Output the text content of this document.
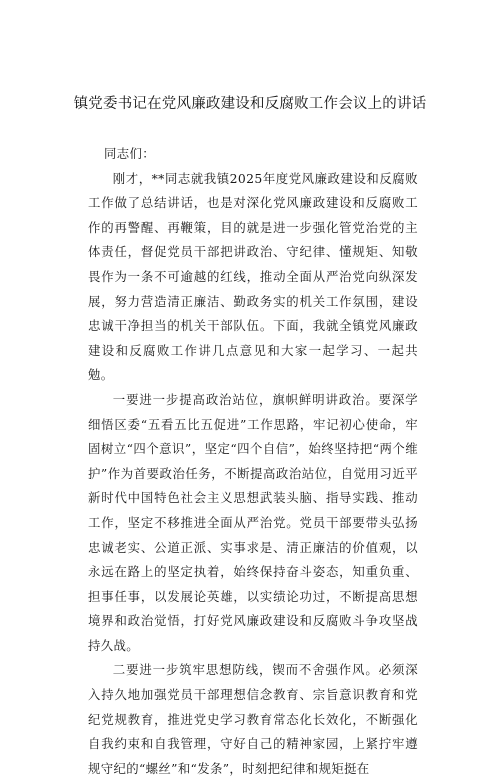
镇党委书记在党风廉政建设和反腐败工作会议上的讲话

同志们：

刚才，**同志就我镇2025年度党风廉政建设和反腐败工作做了总结讲话，也是对深化党风廉政建设和反腐败工作的再警醒、再鞭策，目的就是进一步强化管党治党的主体责任，督促党员干部把讲政治、守纪律、懂规矩、知敬畏作为一条不可逾越的红线，推动全面从严治党向纵深发展，努力营造清正廉洁、勤政务实的机关工作氛围，建设忠诚干净担当的机关干部队伍。下面，我就全镇党风廉政建设和反腐败工作讲几点意见和大家一起学习、一起共勉。

一要进一步提高政治站位，旗帜鲜明讲政治。要深学细悟区委“五看五比五促进”工作思路，牢记初心使命，牢固树立“四个意识”，坚定“四个自信”，始终坚持把“两个维护”作为首要政治任务，不断提高政治站位，自觉用习近平新时代中国特色社会主义思想武装头脑、指导实践、推动工作，坚定不移推进全面从严治党。党员干部要带头弘扬忠诚老实、公道正派、实事求是、清正廉洁的价值观，以永远在路上的坚定执着，始终保持奋斗姿态，知重负重、担事任事，以发展论英雄，以实绩论功过，不断提高思想境界和政治觉悟，打好党风廉政建设和反腐败斗争攻坚战持久战。

二要进一步筑牢思想防线，锲而不舍强作风。必须深入持久地加强党员干部理想信念教育、宗旨意识教育和党纪党规教育，推进党史学习教育常态化长效化，不断强化自我约束和自我管理，守好自己的精神家园，上紧拧牢遵规守纪的“螺丝”和“发条”，时刻把纪律和规矩挺在
